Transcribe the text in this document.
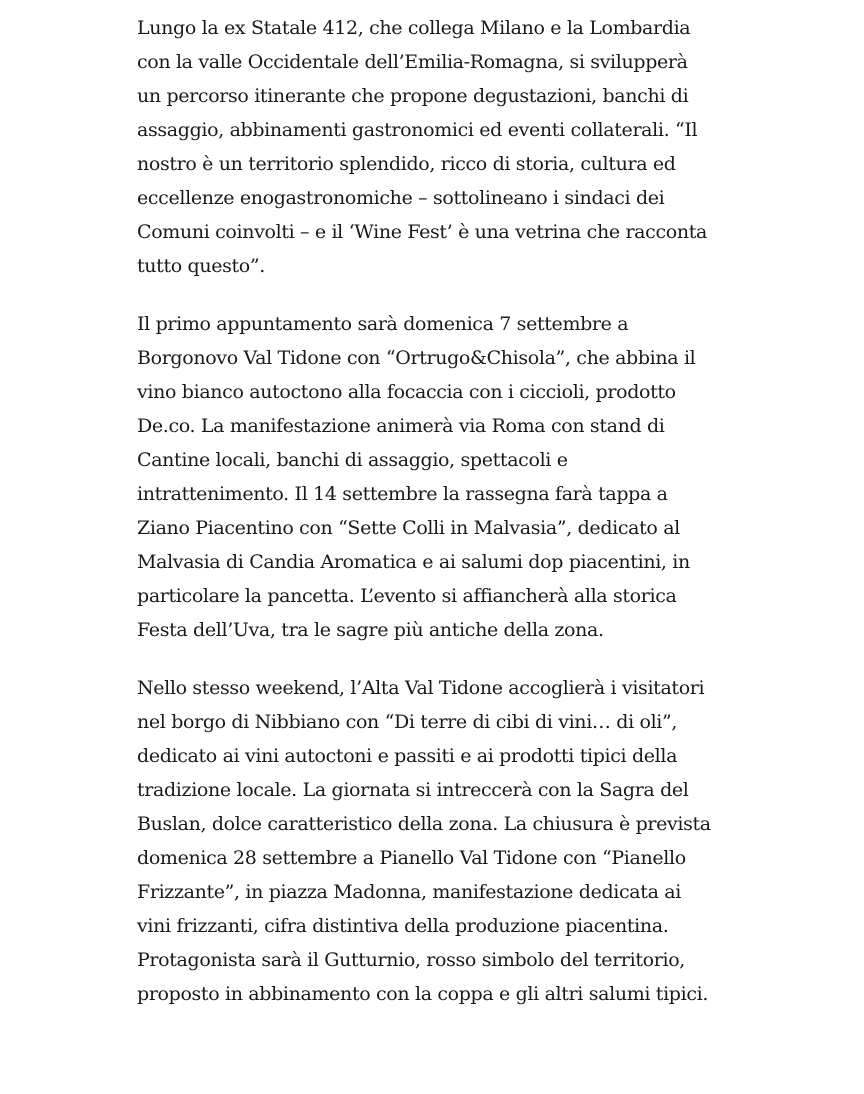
Lungo la ex Statale 412, che collega Milano e la Lombardia con la valle Occidentale dell’Emilia-Romagna, si svilupperà un percorso itinerante che propone degustazioni, banchi di assaggio, abbinamenti gastronomici ed eventi collaterali. “Il nostro è un territorio splendido, ricco di storia, cultura ed eccellenze enogastronomiche – sottolineano i sindaci dei Comuni coinvolti – e il ‘Wine Fest’ è una vetrina che racconta tutto questo”.

Il primo appuntamento sarà domenica 7 settembre a Borgonovo Val Tidone con “Ortrugo&Chisola”, che abbina il vino bianco autoctono alla focaccia con i ciccioli, prodotto De.co. La manifestazione animerà via Roma con stand di Cantine locali, banchi di assaggio, spettacoli e intrattenimento. Il 14 settembre la rassegna farà tappa a Ziano Piacentino con “Sette Colli in Malvasia”, dedicato al Malvasia di Candia Aromatica e ai salumi dop piacentini, in particolare la pancetta. L’evento si affiancherà alla storica Festa dell’Uva, tra le sagre più antiche della zona.

Nello stesso weekend, l’Alta Val Tidone accoglierà i visitatori nel borgo di Nibbiano con “Di terre di cibi di vini… di oli”, dedicato ai vini autoctoni e passiti e ai prodotti tipici della tradizione locale. La giornata si intreccerà con la Sagra del Buslan, dolce caratteristico della zona. La chiusura è prevista domenica 28 settembre a Pianello Val Tidone con “Pianello Frizzante”, in piazza Madonna, manifestazione dedicata ai vini frizzanti, cifra distintiva della produzione piacentina. Protagonista sarà il Gutturnio, rosso simbolo del territorio, proposto in abbinamento con la coppa e gli altri salumi tipici.
